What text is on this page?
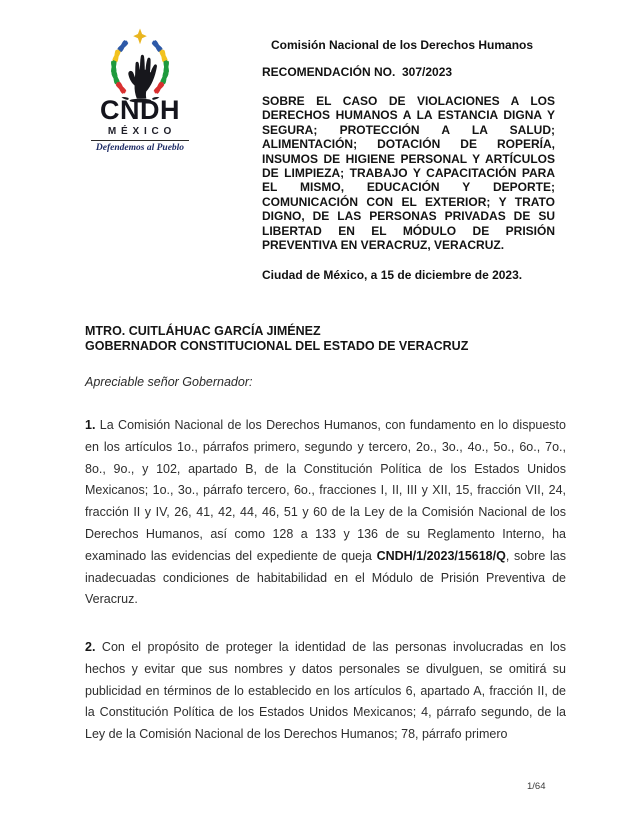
CNDH
MÉXICO
Defendemos al Pueblo
Comisión Nacional de los Derechos Humanos
RECOMENDACIÓN NO.  307/2023
SOBRE EL CASO DE VIOLACIONES A LOS DERECHOS HUMANOS A LA ESTANCIA DIGNA Y SEGURA; PROTECCIÓN A LA SALUD; ALIMENTACIÓN; DOTACIÓN DE ROPERÍA, INSUMOS DE HIGIENE PERSONAL Y ARTÍCULOS DE LIMPIEZA; TRABAJO Y CAPACITACIÓN PARA EL MISMO, EDUCACIÓN Y DEPORTE; COMUNICACIÓN CON EL EXTERIOR; Y TRATO DIGNO, DE LAS PERSONAS PRIVADAS DE SU LIBERTAD EN EL MÓDULO DE PRISIÓN PREVENTIVA EN VERACRUZ, VERACRUZ.
Ciudad de México, a 15 de diciembre de 2023.
MTRO. CUITLÁHUAC GARCÍA JIMÉNEZ
GOBERNADOR CONSTITUCIONAL DEL ESTADO DE VERACRUZ
Apreciable señor Gobernador:
1. La Comisión Nacional de los Derechos Humanos, con fundamento en lo dispuesto en los artículos 1o., párrafos primero, segundo y tercero, 2o., 3o., 4o., 5o., 6o., 7o., 8o., 9o., y 102, apartado B, de la Constitución Política de los Estados Unidos Mexicanos; 1o., 3o., párrafo tercero, 6o., fracciones I, II, III y XII, 15, fracción VII, 24, fracción II y IV, 26, 41, 42, 44, 46, 51 y 60 de la Ley de la Comisión Nacional de los Derechos Humanos, así como 128 a 133 y 136 de su Reglamento Interno, ha examinado las evidencias del expediente de queja CNDH/1/2023/15618/Q, sobre las inadecuadas condiciones de habitabilidad en el Módulo de Prisión Preventiva de Veracruz.
2. Con el propósito de proteger la identidad de las personas involucradas en los hechos y evitar que sus nombres y datos personales se divulguen, se omitirá su publicidad en términos de lo establecido en los artículos 6, apartado A, fracción II, de la Constitución Política de los Estados Unidos Mexicanos; 4, párrafo segundo, de la Ley de la Comisión Nacional de los Derechos Humanos; 78, párrafo primero
1/64
